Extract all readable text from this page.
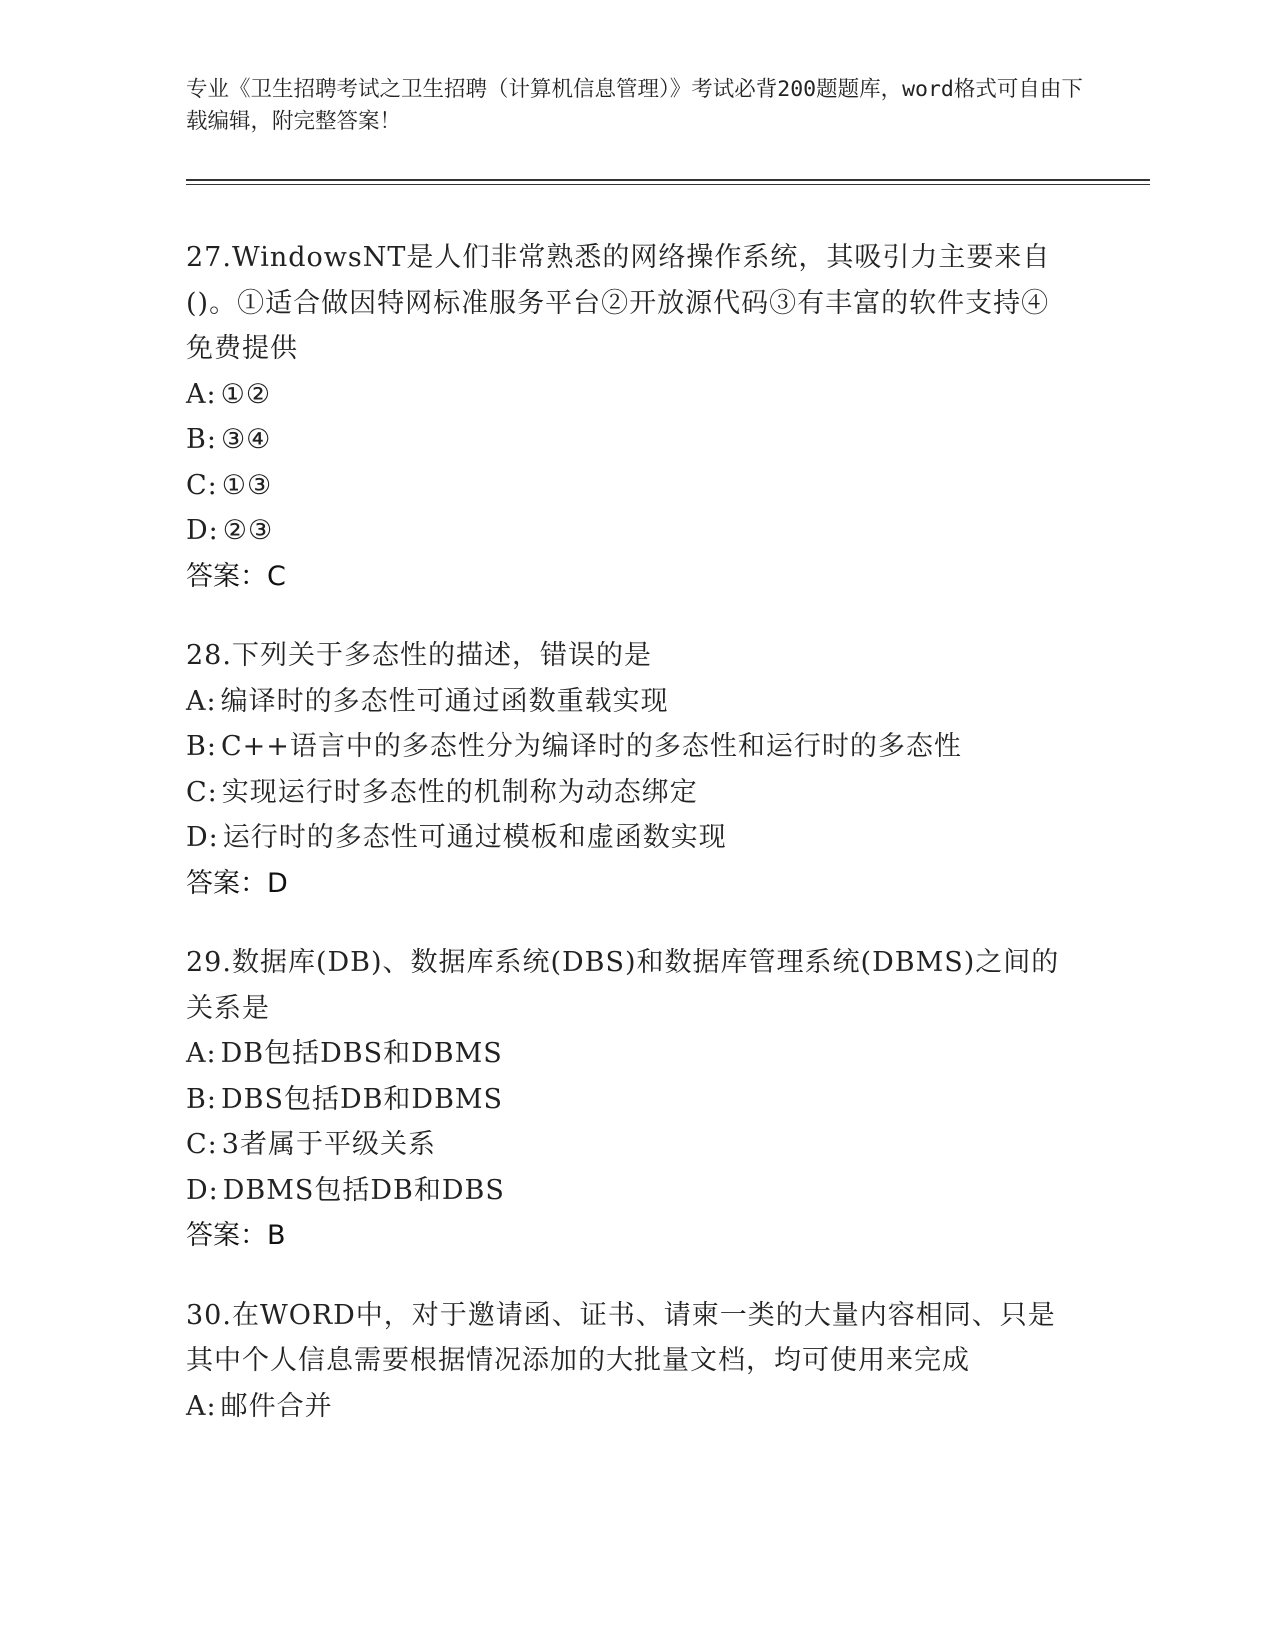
专业《卫生招聘考试之卫生招聘（计算机信息管理）》考试必背200题题库，word格式可自由下载编辑，附完整答案！

27.WindowsNT是人们非常熟悉的网络操作系统，其吸引力主要来自()。①适合做因特网标准服务平台②开放源代码③有丰富的软件支持④免费提供

A: ①②

B: ③④

C: ①③

D: ②③

答案：C

28.下列关于多态性的描述，错误的是

A: 编译时的多态性可通过函数重载实现

B: C++语言中的多态性分为编译时的多态性和运行时的多态性

C: 实现运行时多态性的机制称为动态绑定

D: 运行时的多态性可通过模板和虚函数实现

答案：D

29.数据库(DB)、数据库系统(DBS)和数据库管理系统(DBMS)之间的关系是

A: DB包括DBS和DBMS

B: DBS包括DB和DBMS

C: 3者属于平级关系

D: DBMS包括DB和DBS

答案：B

30.在WORD中，对于邀请函、证书、请柬一类的大量内容相同、只是其中个人信息需要根据情况添加的大批量文档，均可使用来完成

A: 邮件合并
